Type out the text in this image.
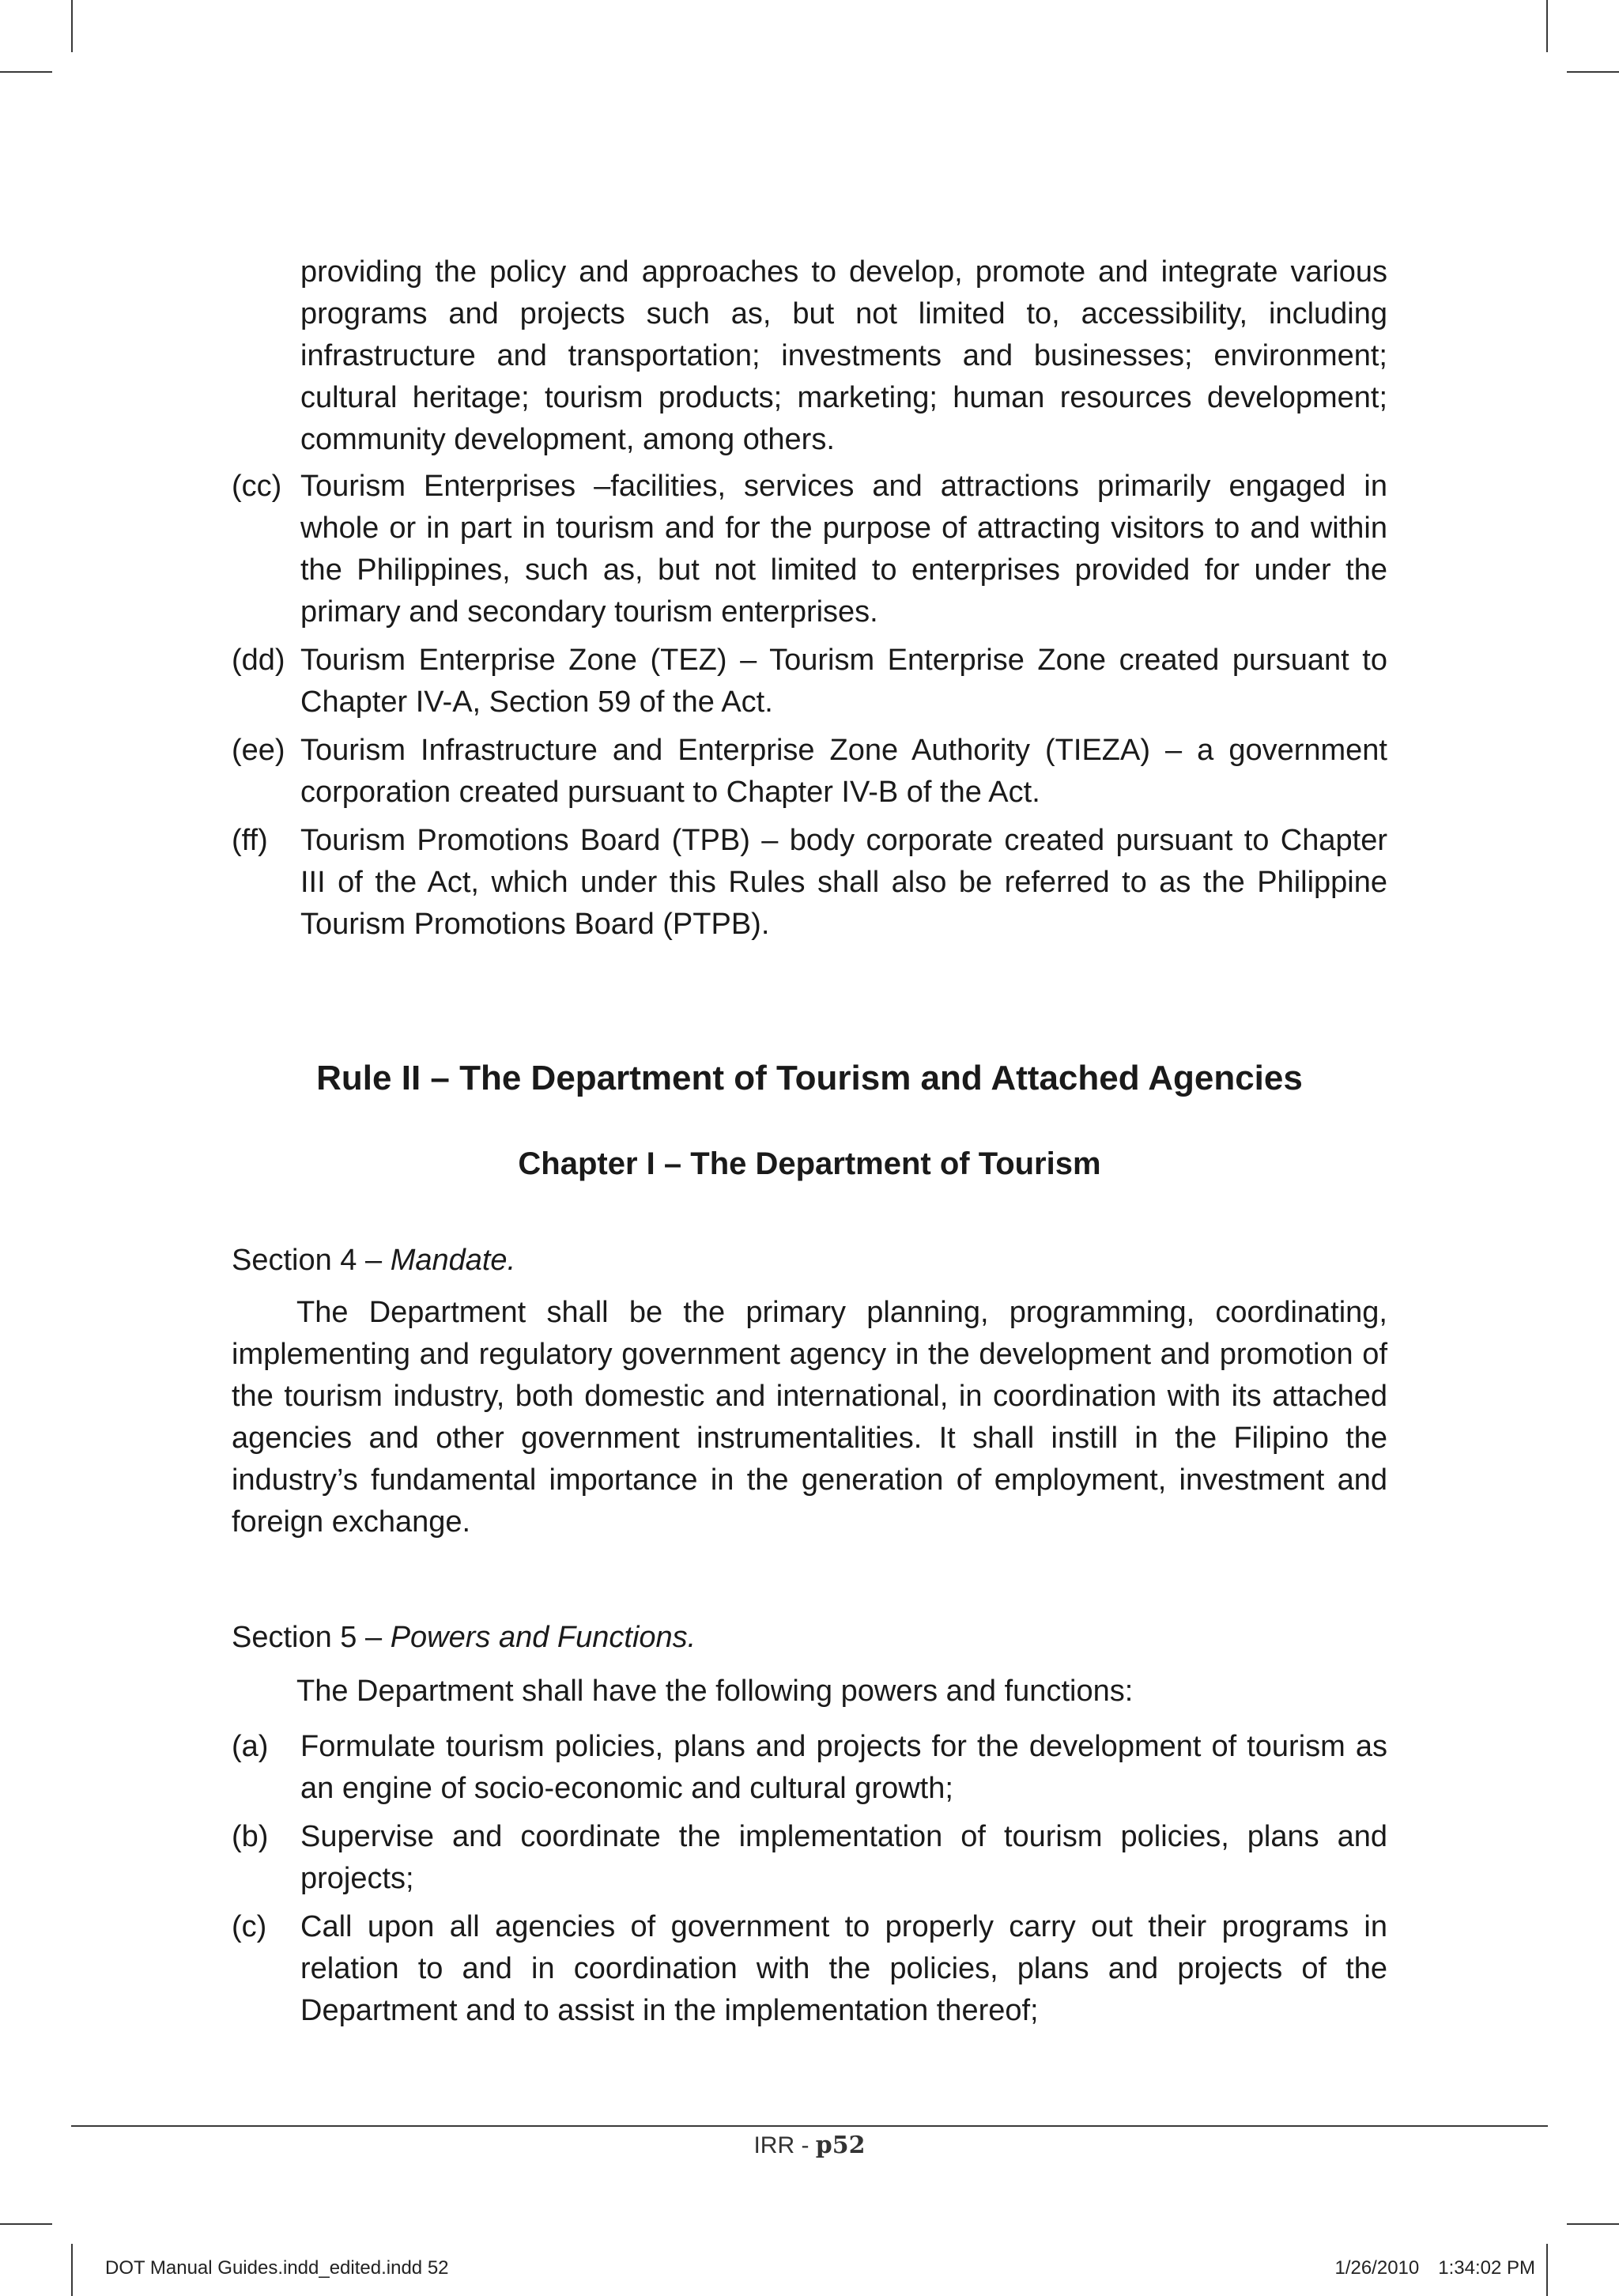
providing the policy and approaches to develop, promote and integrate various programs and projects such as, but not limited to, accessibility, including infrastructure and transportation; investments and businesses; environment; cultural heritage; tourism products; marketing; human resources development; community development, among others.

(cc) Tourism Enterprises –facilities, services and attractions primarily engaged in whole or in part in tourism and for the purpose of attracting visitors to and within the Philippines, such as, but not limited to enterprises provided for under the primary and secondary tourism enterprises.
(dd) Tourism Enterprise Zone (TEZ) – Tourism Enterprise Zone created pursuant to Chapter IV-A, Section 59 of the Act.
(ee) Tourism Infrastructure and Enterprise Zone Authority (TIEZA) – a government corporation created pursuant to Chapter IV-B of the Act.
(ff) Tourism Promotions Board (TPB) – body corporate created pursuant to Chapter III of the Act, which under this Rules shall also be referred to as the Philippine Tourism Promotions Board (PTPB).
Rule II – The Department of Tourism and Attached Agencies
Chapter I – The Department of Tourism
Section 4 – Mandate.

The Department shall be the primary planning, programming, coordinating, implementing and regulatory government agency in the development and promotion of the tourism industry, both domestic and international, in coordination with its attached agencies and other government instrumentalities. It shall instill in the Filipino the industry’s fundamental importance in the generation of employment, investment and foreign exchange.

Section 5 – Powers and Functions.

The Department shall have the following powers and functions:

(a) Formulate tourism policies, plans and projects for the development of tourism as an engine of socio-economic and cultural growth;
(b) Supervise and coordinate the implementation of tourism policies, plans and projects;
(c) Call upon all agencies of government to properly carry out their programs in relation to and in coordination with the policies, plans and projects of the Department and to assist in the implementation thereof;
IRR - p52
DOT Manual Guides.indd_edited.indd 52	1/26/2010 1:34:02 PM
